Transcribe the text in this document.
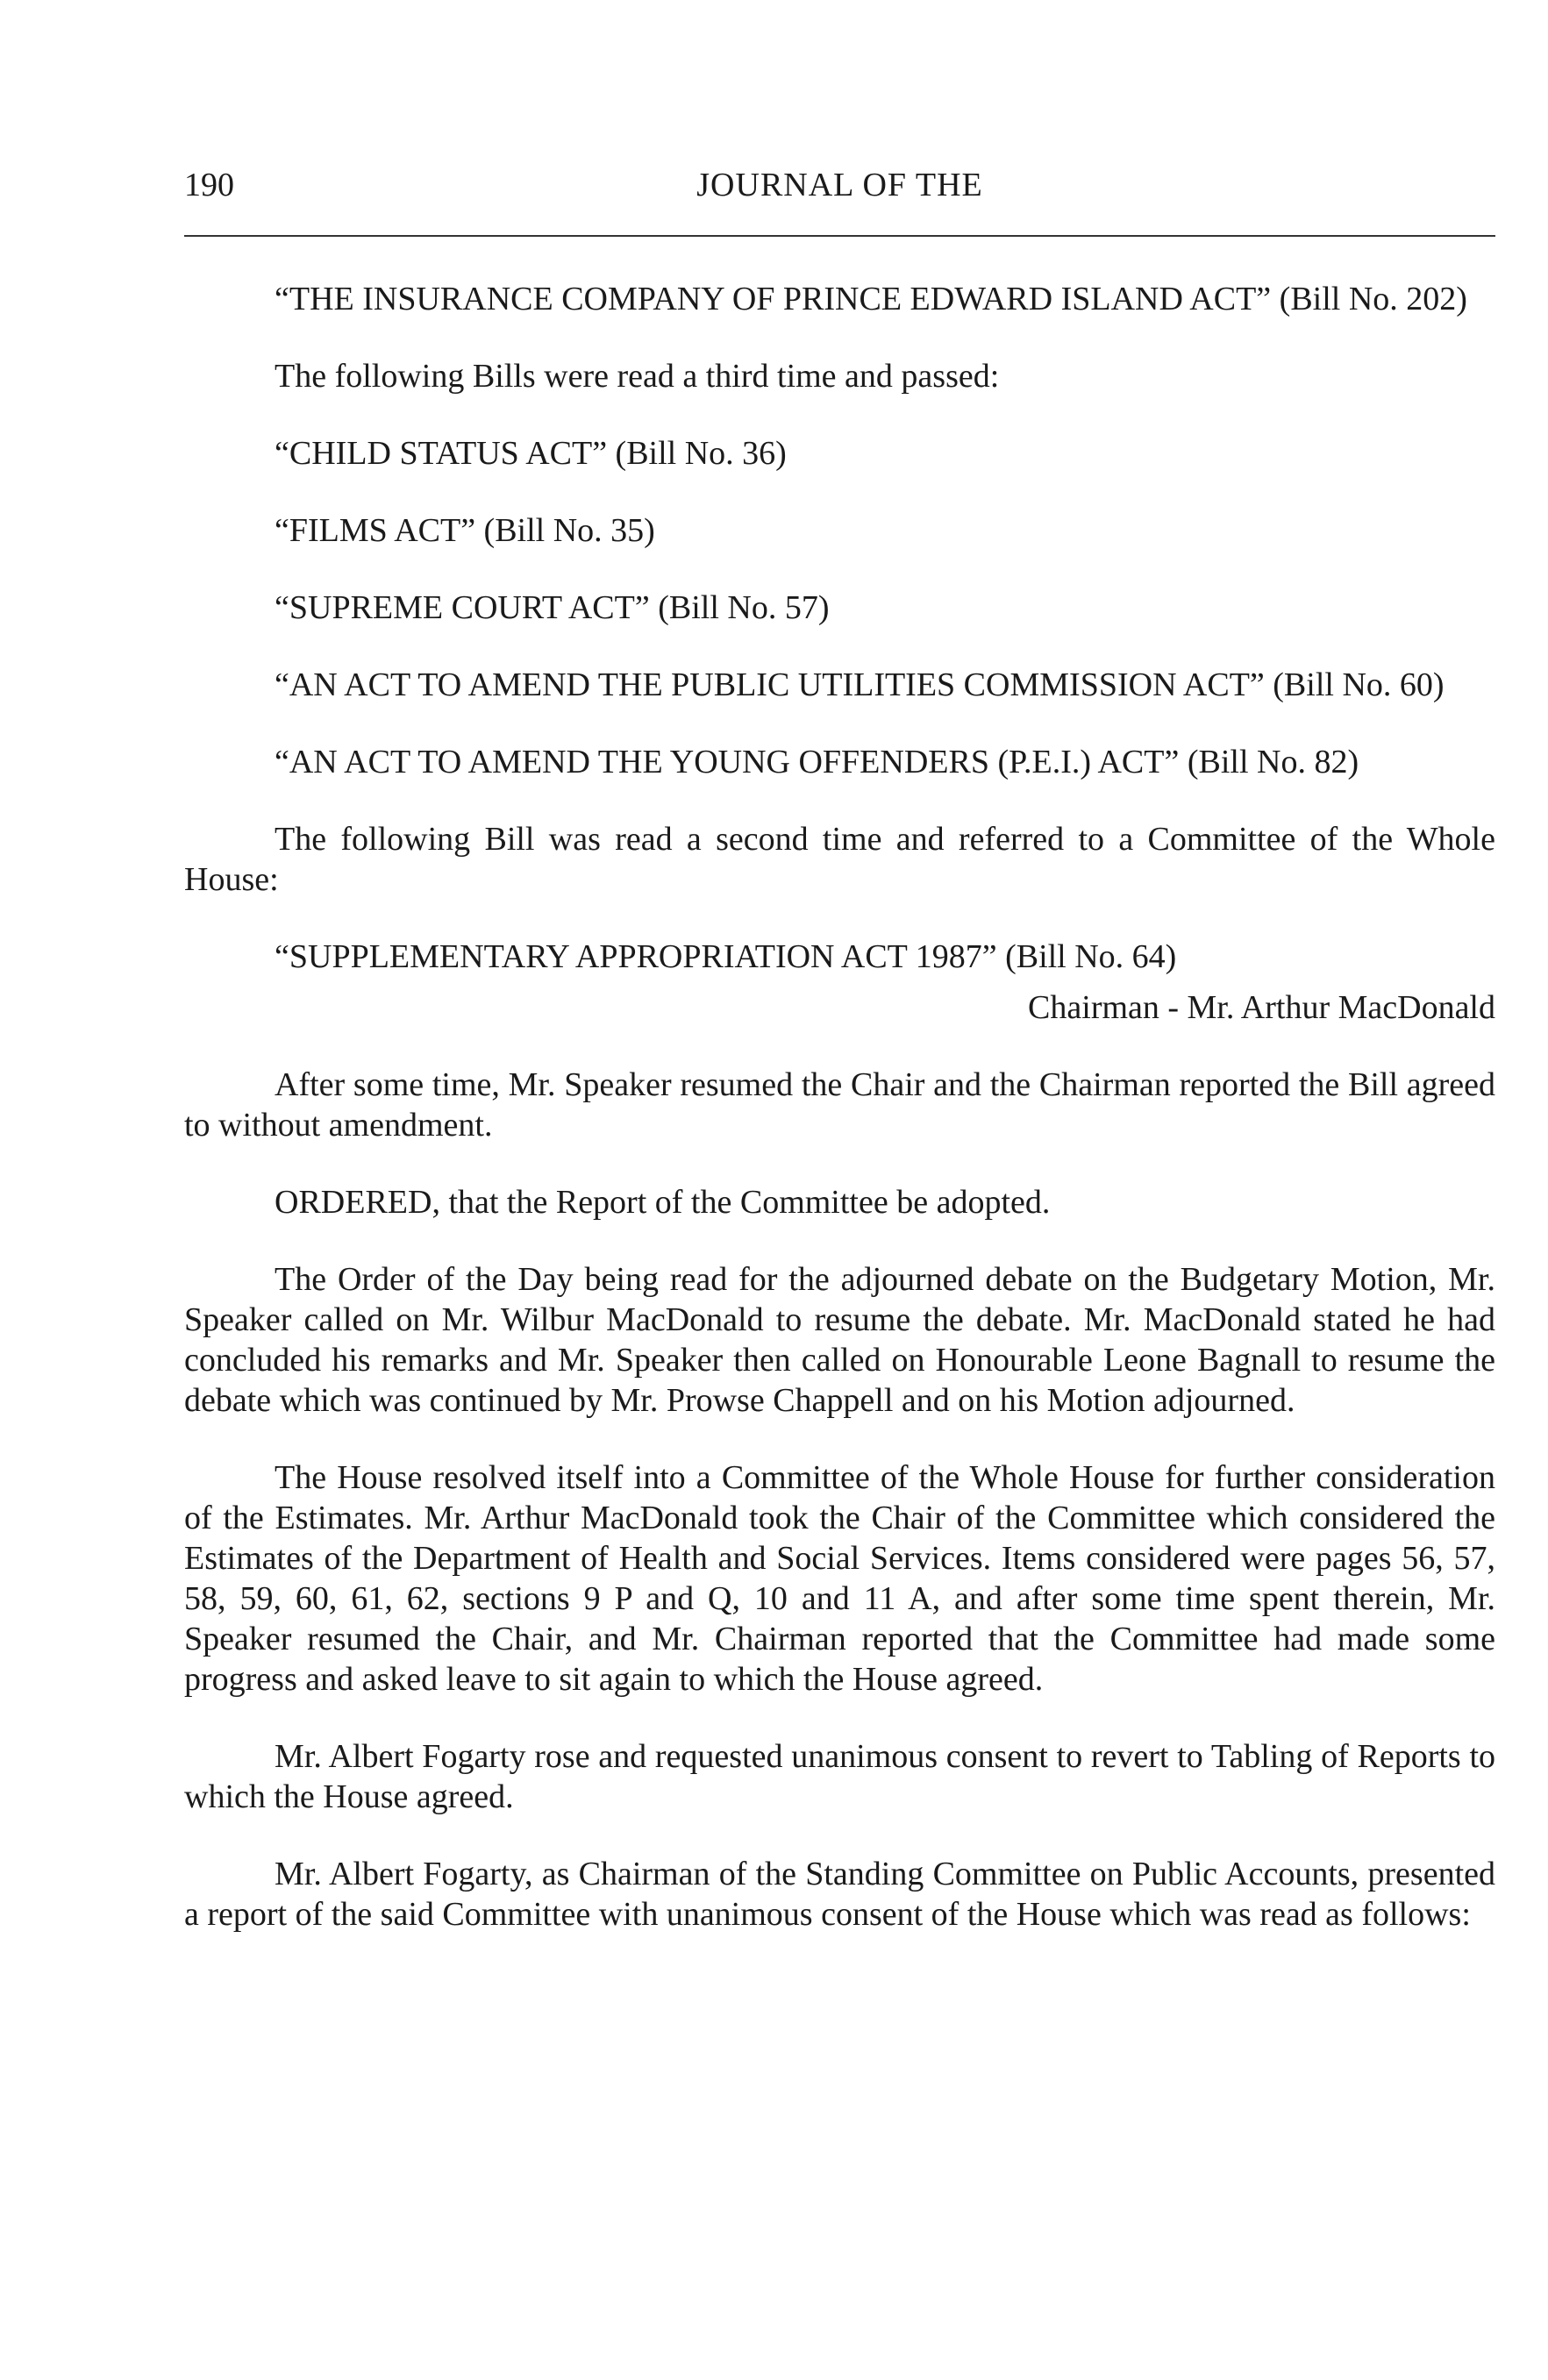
190	JOURNAL OF THE

“THE INSURANCE COMPANY OF PRINCE EDWARD ISLAND ACT” (Bill No. 202)

The following Bills were read a third time and passed:

“CHILD STATUS ACT” (Bill No. 36)

“FILMS ACT” (Bill No. 35)

“SUPREME COURT ACT” (Bill No. 57)

“AN ACT TO AMEND THE PUBLIC UTILITIES COMMISSION ACT” (Bill No. 60)

“AN ACT TO AMEND THE YOUNG OFFENDERS (P.E.I.) ACT” (Bill No. 82)

The following Bill was read a second time and referred to a Committee of the Whole House:

“SUPPLEMENTARY APPROPRIATION ACT 1987” (Bill No. 64)

Chairman - Mr. Arthur MacDonald

After some time, Mr. Speaker resumed the Chair and the Chairman reported the Bill agreed to without amendment.

ORDERED, that the Report of the Committee be adopted.

The Order of the Day being read for the adjourned debate on the Budgetary Motion, Mr. Speaker called on Mr. Wilbur MacDonald to resume the debate. Mr. MacDonald stated he had concluded his remarks and Mr. Speaker then called on Honourable Leone Bagnall to resume the debate which was continued by Mr. Prowse Chappell and on his Motion adjourned.

The House resolved itself into a Committee of the Whole House for further consideration of the Estimates. Mr. Arthur MacDonald took the Chair of the Committee which considered the Estimates of the Department of Health and Social Services. Items considered were pages 56, 57, 58, 59, 60, 61, 62, sections 9 P and Q, 10 and 11 A, and after some time spent therein, Mr. Speaker resumed the Chair, and Mr. Chairman reported that the Committee had made some progress and asked leave to sit again to which the House agreed.

Mr. Albert Fogarty rose and requested unanimous consent to revert to Tabling of Reports to which the House agreed.

Mr. Albert Fogarty, as Chairman of the Standing Committee on Public Accounts, presented a report of the said Committee with unanimous consent of the House which was read as follows:
